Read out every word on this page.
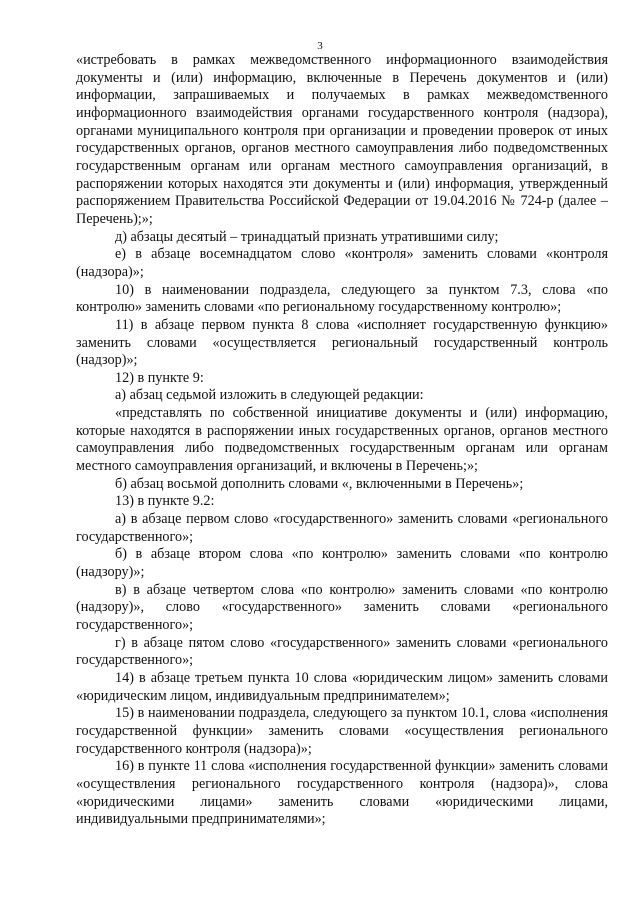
3

«истребовать в рамках межведомственного информационного взаимодействия документы и (или) информацию, включенные в Перечень документов и (или) информации, запрашиваемых и получаемых в рамках межведомственного информационного взаимодействия органами государственного контроля (надзора), органами муниципального контроля при организации и проведении проверок от иных государственных органов, органов местного самоуправления либо подведомственных государственным органам или органам местного самоуправления организаций, в распоряжении которых находятся эти документы и (или) информация, утвержденный распоряжением Правительства Российской Федерации от 19.04.2016 № 724-р (далее – Перечень);»;

д) абзацы десятый – тринадцатый признать утратившими силу;

е) в абзаце восемнадцатом слово «контроля» заменить словами «контроля (надзора)»;

10) в наименовании подраздела, следующего за пунктом 7.3, слова «по контролю» заменить словами «по региональному государственному контролю»;

11) в абзаце первом пункта 8 слова «исполняет государственную функцию» заменить словами «осуществляется региональный государственный контроль (надзор)»;

12) в пункте 9:

а) абзац седьмой изложить в следующей редакции:

«представлять по собственной инициативе документы и (или) информацию, которые находятся в распоряжении иных государственных органов, органов местного самоуправления либо подведомственных государственным органам или органам местного самоуправления организаций, и включены в Перечень;»;

б) абзац восьмой дополнить словами «, включенными в Перечень»;

13) в пункте 9.2:

а) в абзаце первом слово «государственного» заменить словами «регионального государственного»;

б) в абзаце втором слова «по контролю» заменить словами «по контролю (надзору)»;

в) в абзаце четвертом слова «по контролю» заменить словами «по контролю (надзору)», слово «государственного» заменить словами «регионального государственного»;

г) в абзаце пятом слово «государственного» заменить словами «регионального государственного»;

14) в абзаце третьем пункта 10 слова «юридическим лицом» заменить словами «юридическим лицом, индивидуальным предпринимателем»;

15) в наименовании подраздела, следующего за пунктом 10.1, слова «исполнения государственной функции» заменить словами «осуществления регионального государственного контроля (надзора)»;

16) в пункте 11 слова «исполнения государственной функции» заменить словами «осуществления регионального государственного контроля (надзора)», слова «юридическими лицами» заменить словами «юридическими лицами, индивидуальными предпринимателями»;
